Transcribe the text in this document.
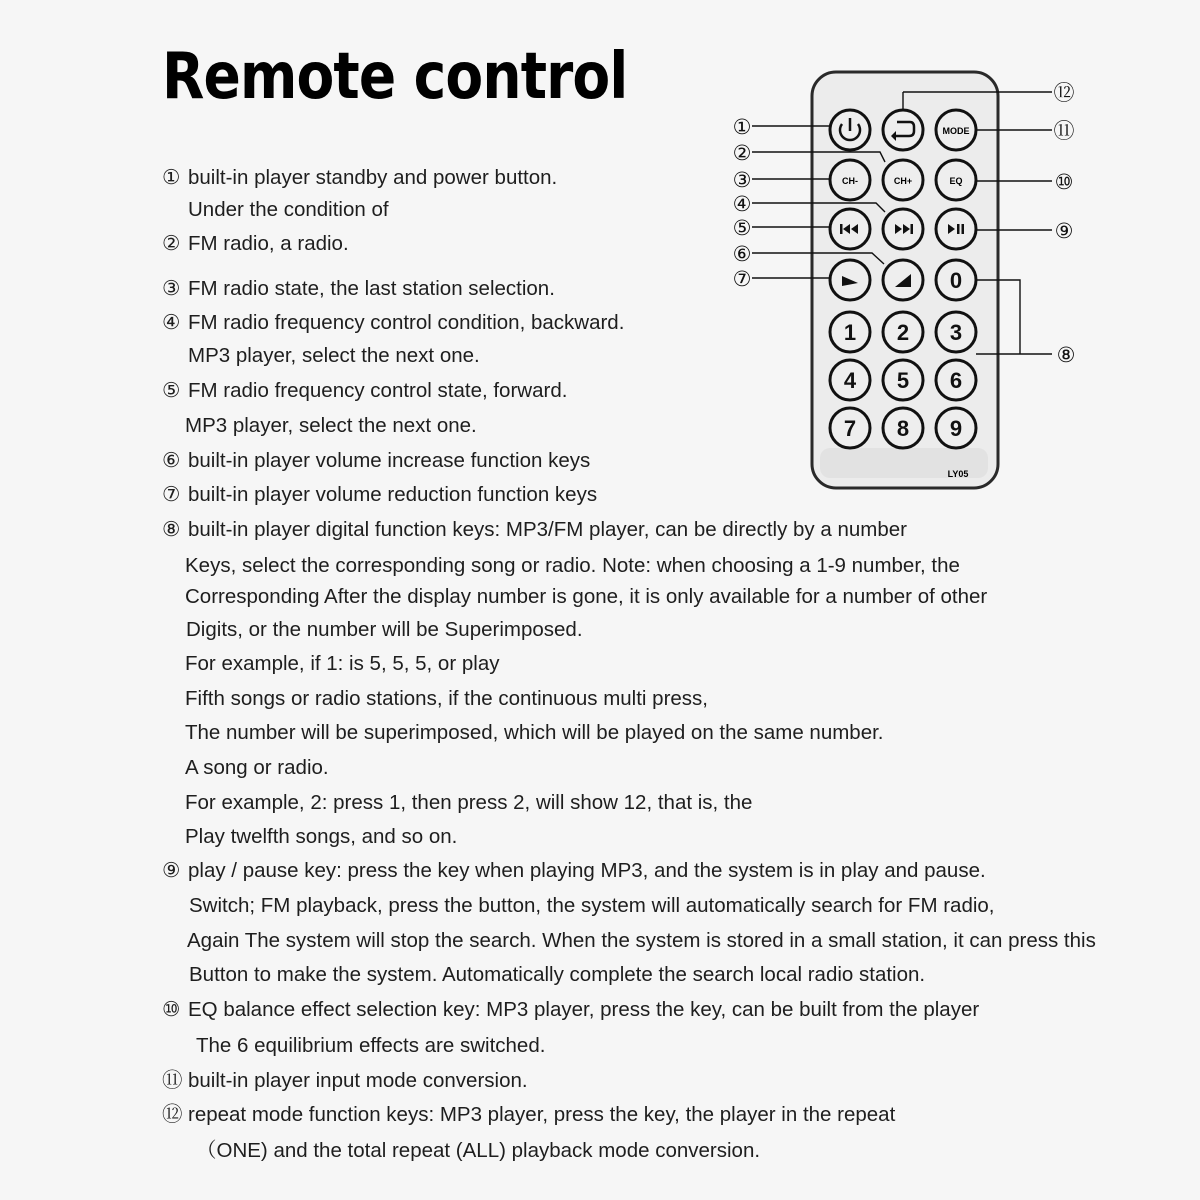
Remote control
LY05
MODE
CH-	CH+	EQ
0
1 2 3
4 5 6
7 8 9
①
②
③
④
⑤
⑥
⑦
⑧
⑨
⑩
⑪
⑫
① built-in player standby and power button.
Under the condition of
② FM radio, a radio.
③ FM radio state, the last station selection.
④ FM radio frequency control condition, backward.
MP3 player, select the next one.
⑤ FM radio frequency control state, forward.
MP3 player, select the next one.
⑥ built-in player volume increase function keys
⑦ built-in player volume reduction function keys
⑧ built-in player digital function keys: MP3/FM player, can be directly by a number
Keys, select the corresponding song or radio. Note: when choosing a 1-9 number, the
Corresponding After the display number is gone, it is only available for a number of other
Digits, or the number will be Superimposed.
For example, if 1: is 5, 5, 5, or play
Fifth songs or radio stations, if the continuous multi press,
The number will be superimposed, which will be played on the same number.
A song or radio.
For example, 2: press 1, then press 2, will show 12, that is, the
Play twelfth songs, and so on.
⑨ play / pause key: press the key when playing MP3, and the system is in play and pause.
Switch; FM playback, press the button, the system will automatically search for FM radio,
Again The system will stop the search. When the system is stored in a small station, it can press this
Button to make the system. Automatically complete the search local radio station.
⑩ EQ balance effect selection key: MP3 player, press the key, can be built from the player
The 6 equilibrium effects are switched.
⑪ built-in player input mode conversion.
⑫ repeat mode function keys: MP3 player, press the key, the player in the repeat
（ONE) and the total repeat (ALL) playback mode conversion.
